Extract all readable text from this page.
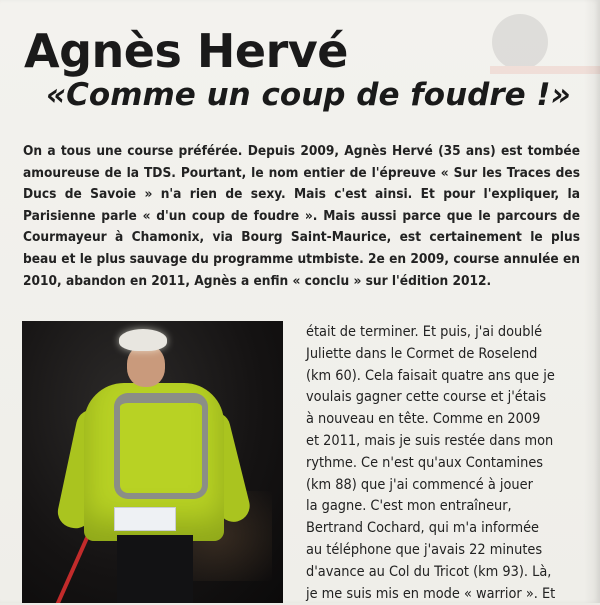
Agnès Hervé
«Comme un coup de foudre !»

On a tous une course préférée. Depuis 2009, Agnès Hervé (35 ans) est tombée amoureuse de la TDS. Pourtant, le nom entier de l'épreuve « Sur les Traces des Ducs de Savoie » n'a rien de sexy. Mais c'est ainsi. Et pour l'expliquer, la Parisienne parle « d'un coup de foudre ». Mais aussi parce que le parcours de Courmayeur à Chamonix, via Bourg Saint-Maurice, est certainement le plus beau et le plus sauvage du programme utmbiste. 2e en 2009, course annulée en 2010, abandon en 2011, Agnès a enfin « conclu » sur l'édition 2012.

était de terminer. Et puis, j'ai doublé
Juliette dans le Cormet de Roselend
(km 60). Cela faisait quatre ans que je
voulais gagner cette course et j'étais
à nouveau en tête. Comme en 2009
et 2011, mais je suis restée dans mon
rythme. Ce n'est qu'aux Contamines
(km 88) que j'ai commencé à jouer
la gagne. C'est mon entraîneur,
Bertrand Cochard, qui m'a informée
au téléphone que j'avais 22 minutes
d'avance au Col du Tricot (km 93). Là,
je me suis mis en mode « warrior ». Et
